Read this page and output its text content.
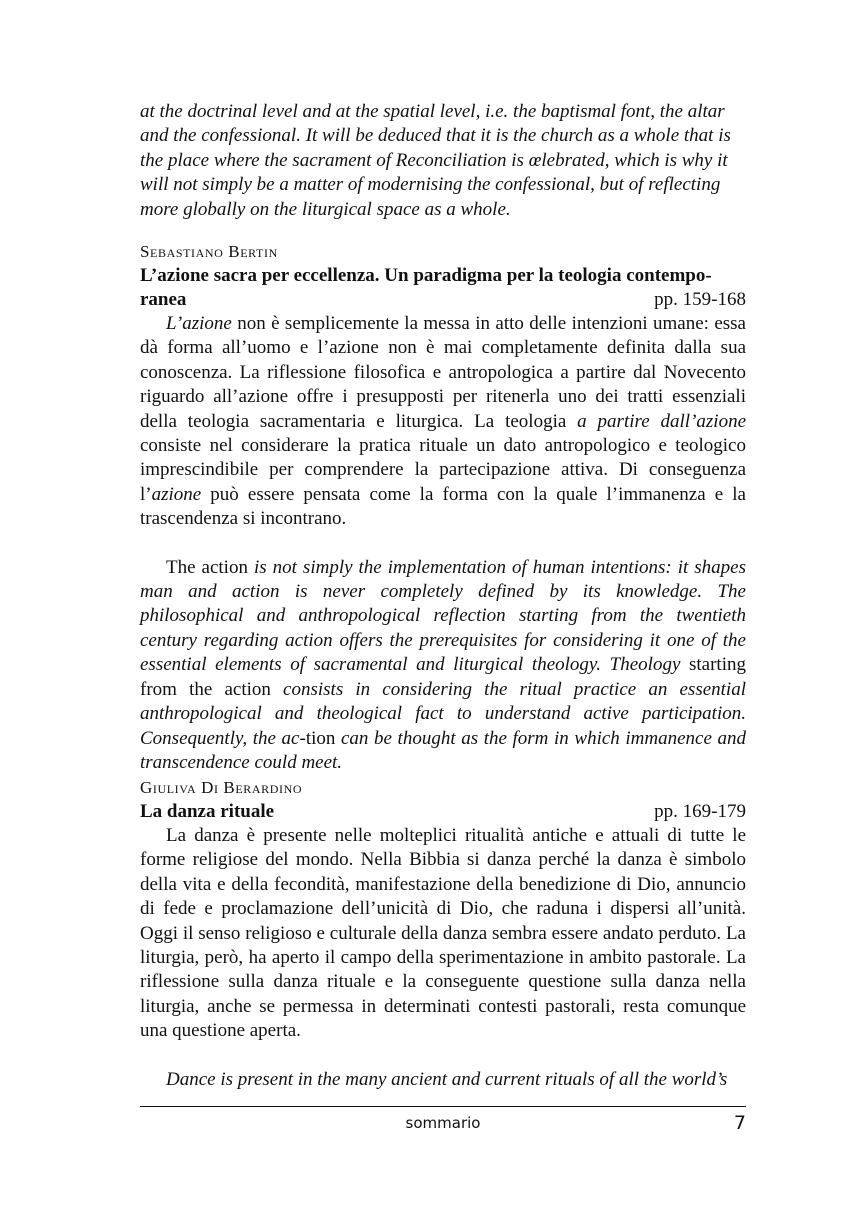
at the doctrinal level and at the spatial level, i.e. the baptismal font, the altar
and the confessional. It will be deduced that it is the church as a whole that is
the place where the sacrament of Reconciliation is œlebrated, which is why it
will not simply be a matter of modernising the confessional, but of reflecting
more globally on the liturgical space as a whole.
Sebastiano Bertin
L’azione sacra per eccellenza. Un paradigma per la teologia contempo-
ranea	pp. 159-168

L’azione non è semplicemente la messa in atto delle intenzioni umane: essa dà forma all’uomo e l’azione non è mai completamente definita dalla sua conoscenza. La riflessione filosofica e antropologica a partire dal Novecento riguardo all’azione offre i presupposti per ritenerla uno dei tratti essenziali della teologia sacramentaria e liturgica. La teologia a partire dall’azione consiste nel considerare la pratica rituale un dato antropologico e teologico imprescindibile per comprendere la partecipazione attiva. Di conseguenza l’azione può essere pensata come la forma con la quale l’immanenza e la trascendenza si incontrano.

The action is not simply the implementation of human intentions: it shapes man and action is never completely defined by its knowledge. The philosophical and anthropological reflection starting from the twentieth century regarding action offers the prerequisites for considering it one of the essential elements of sacramental and liturgical theology. Theology starting from the action consists in considering the ritual practice an essential anthropological and theological fact to understand active participation. Consequently, the ac-tion can be thought as the form in which immanence and transcendence could meet.

Giuliva Di Berardino
La danza rituale	pp. 169-179

La danza è presente nelle molteplici ritualità antiche e attuali di tutte le forme religiose del mondo. Nella Bibbia si danza perché la danza è simbolo della vita e della fecondità, manifestazione della benedizione di Dio, annuncio di fede e proclamazione dell’unicità di Dio, che raduna i dispersi all’unità. Oggi il senso religioso e culturale della danza sembra essere andato perduto. La liturgia, però, ha aperto il campo della sperimentazione in ambito pastorale. La riflessione sulla danza rituale e la conseguente questione sulla danza nella liturgia, anche se permessa in determinati contesti pastorali, resta comunque una questione aperta.

Dance is present in the many ancient and current rituals of all the world’s

sommario	7
